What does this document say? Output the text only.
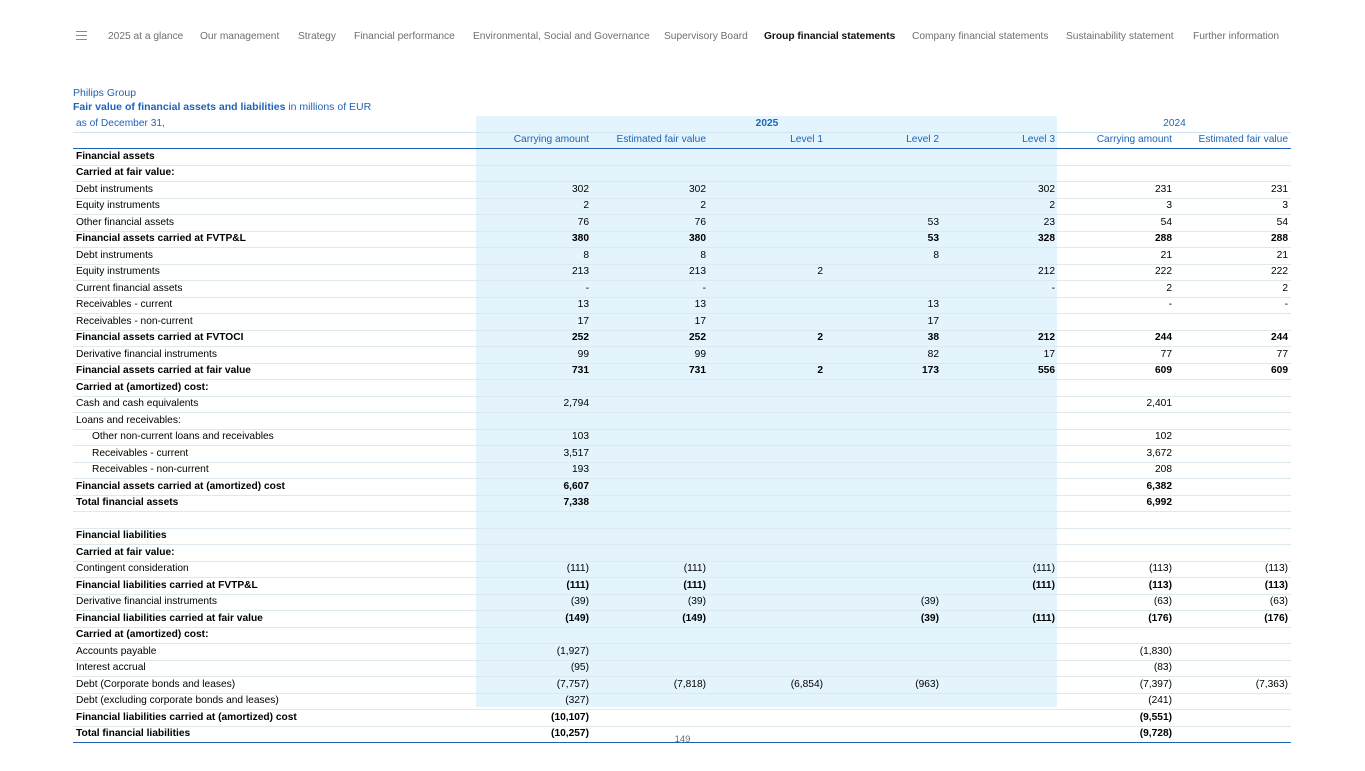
2025 at a glance Our management Strategy Financial performance Environmental, Social and Governance Supervisory Board Group financial statements Company financial statements Sustainability statement Further information
Philips Group
Fair value of financial assets and liabilities in millions of EUR
as of December 31,	2025					2024	
	Carrying amount	Estimated fair value	Level 1	Level 2	Level 3	Carrying amount	Estimated fair value
Financial assets							
Carried at fair value:							
Debt instruments	302	302			302	231	231
Equity instruments	2	2			2	3	3
Other financial assets	76	76		53	23	54	54
Financial assets carried at FVTP&L	380	380		53	328	288	288
Debt instruments	8	8		8		21	21
Equity instruments	213	213	2		212	222	222
Current financial assets	-	-			-	2	2
Receivables - current	13	13		13		-	-
Receivables - non-current	17	17		17			
Financial assets carried at FVTOCI	252	252	2	38	212	244	244
Derivative financial instruments	99	99		82	17	77	77
Financial assets carried at fair value	731	731	2	173	556	609	609
Carried at (amortized) cost:							
Cash and cash equivalents	2,794					2,401	
Loans and receivables:							
Other non-current loans and receivables	103					102	
Receivables - current	3,517					3,672	
Receivables - non-current	193					208	
Financial assets carried at (amortized) cost	6,607					6,382	
Total financial assets	7,338					6,992	

Financial liabilities							
Carried at fair value:							
Contingent consideration	(111)	(111)			(111)	(113)	(113)
Financial liabilities carried at FVTP&L	(111)	(111)			(111)	(113)	(113)
Derivative financial instruments	(39)	(39)		(39)		(63)	(63)
Financial liabilities carried at fair value	(149)	(149)		(39)	(111)	(176)	(176)
Carried at (amortized) cost:							
Accounts payable	(1,927)					(1,830)	
Interest accrual	(95)					(83)	
Debt (Corporate bonds and leases)	(7,757)	(7,818)	(6,854)	(963)		(7,397)	(7,363)
Debt (excluding corporate bonds and leases)	(327)					(241)	
Financial liabilities carried at (amortized) cost	(10,107)					(9,551)	
Total financial liabilities	(10,257)					(9,728)	
149
